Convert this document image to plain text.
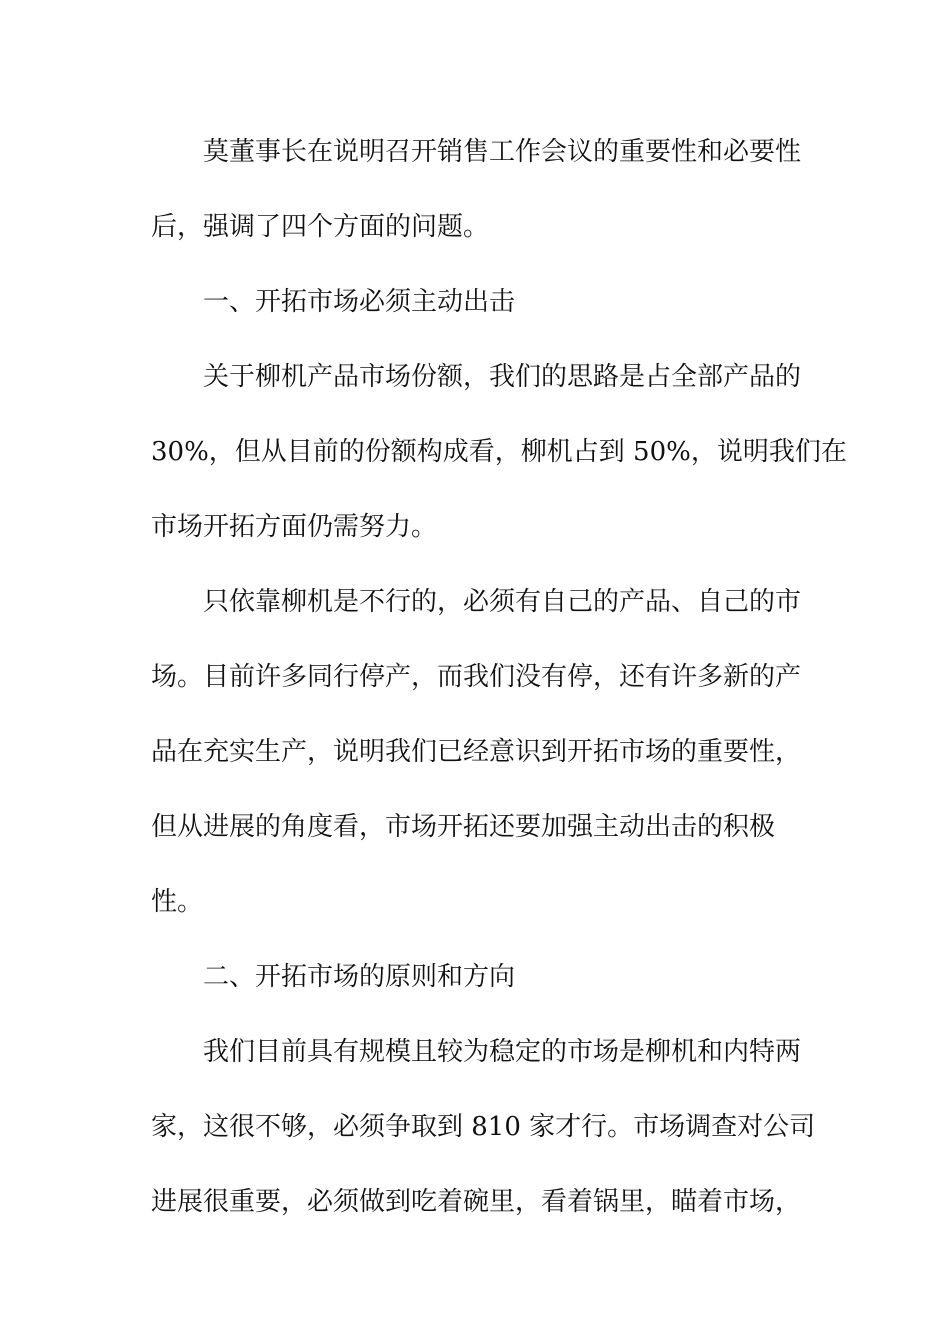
莫董事长在说明召开销售工作会议的重要性和必要性
后，强调了四个方面的问题。
一、开拓市场必须主动出击
关于柳机产品市场份额，我们的思路是占全部产品的
30%，但从目前的份额构成看，柳机占到 50%，说明我们在
市场开拓方面仍需努力。
只依靠柳机是不行的，必须有自己的产品、自己的市
场。目前许多同行停产，而我们没有停，还有许多新的产
品在充实生产，说明我们已经意识到开拓市场的重要性，
但从进展的角度看，市场开拓还要加强主动出击的积极
性。
二、开拓市场的原则和方向
我们目前具有规模且较为稳定的市场是柳机和内特两
家，这很不够，必须争取到 810 家才行。市场调查对公司
进展很重要，必须做到吃着碗里，看着锅里，瞄着市场，
